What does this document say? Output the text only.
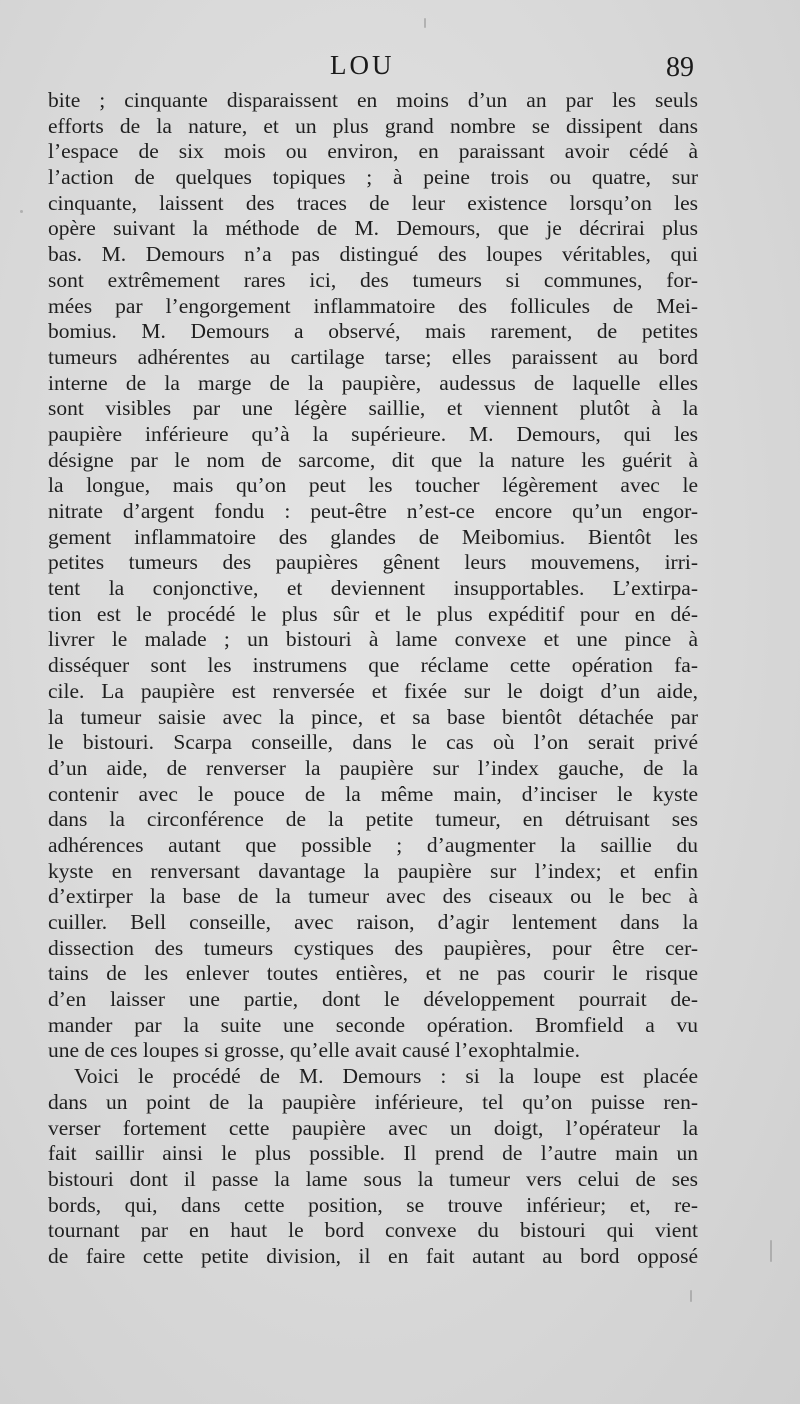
LOU	89
bite ; cinquante disparaissent en moins d’un an par les seuls
efforts de la nature, et un plus grand nombre se dissipent dans
l’espace de six mois ou environ, en paraissant avoir cédé à
l’action de quelques topiques ; à peine trois ou quatre, sur
cinquante, laissent des traces de leur existence lorsqu’on les
opère suivant la méthode de M. Demours, que je décrirai plus
bas. M. Demours n’a pas distingué des loupes véritables, qui
sont extrêmement rares ici, des tumeurs si communes, for-
mées par l’engorgement inflammatoire des follicules de Mei-
bomius. M. Demours a observé, mais rarement, de petites
tumeurs adhérentes au cartilage tarse; elles paraissent au bord
interne de la marge de la paupière, audessus de laquelle elles
sont visibles par une légère saillie, et viennent plutôt à la
paupière inférieure qu’à la supérieure. M. Demours, qui les
désigne par le nom de sarcome, dit que la nature les guérit à
la longue, mais qu’on peut les toucher légèrement avec le
nitrate d’argent fondu : peut-être n’est-ce encore qu’un engor-
gement inflammatoire des glandes de Meibomius. Bientôt les
petites tumeurs des paupières gênent leurs mouvemens, irri-
tent la conjonctive, et deviennent insupportables. L’extirpa-
tion est le procédé le plus sûr et le plus expéditif pour en dé-
livrer le malade ; un bistouri à lame convexe et une pince à
disséquer sont les instrumens que réclame cette opération fa-
cile. La paupière est renversée et fixée sur le doigt d’un aide,
la tumeur saisie avec la pince, et sa base bientôt détachée par
le bistouri. Scarpa conseille, dans le cas où l’on serait privé
d’un aide, de renverser la paupière sur l’index gauche, de la
contenir avec le pouce de la même main, d’inciser le kyste
dans la circonférence de la petite tumeur, en détruisant ses
adhérences autant que possible ; d’augmenter la saillie du
kyste en renversant davantage la paupière sur l’index; et enfin
d’extirper la base de la tumeur avec des ciseaux ou le bec à
cuiller. Bell conseille, avec raison, d’agir lentement dans la
dissection des tumeurs cystiques des paupières, pour être cer-
tains de les enlever toutes entières, et ne pas courir le risque
d’en laisser une partie, dont le développement pourrait de-
mander par la suite une seconde opération. Bromfield a vu
une de ces loupes si grosse, qu’elle avait causé l’exophtalmie.
Voici le procédé de M. Demours : si la loupe est placée
dans un point de la paupière inférieure, tel qu’on puisse ren-
verser fortement cette paupière avec un doigt, l’opérateur la
fait saillir ainsi le plus possible. Il prend de l’autre main un
bistouri dont il passe la lame sous la tumeur vers celui de ses
bords, qui, dans cette position, se trouve inférieur; et, re-
tournant par en haut le bord convexe du bistouri qui vient
de faire cette petite division, il en fait autant au bord opposé
